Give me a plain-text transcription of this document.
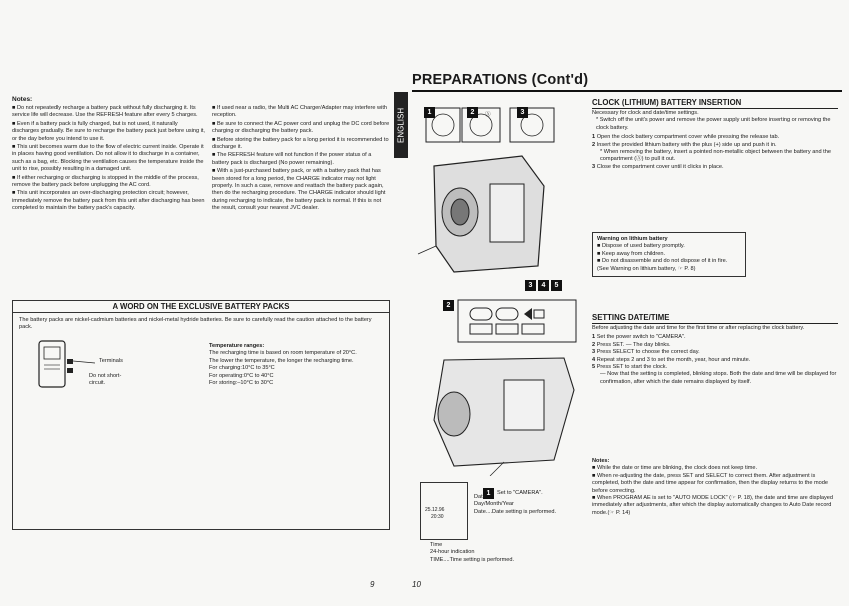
PREPARATIONS (Cont'd)
ENGLISH
Notes:

■ Do not repeatedly recharge a battery pack without fully discharging it. Its service life will decrease. Use the REFRESH feature after every 5 charges.

■ Even if a battery pack is fully charged, but is not used, it naturally discharges gradually. Be sure to recharge the battery pack just before using it, or the day before you intend to use it.

■ This unit becomes warm due to the flow of electric current inside. Operate it in places having good ventilation. Do not allow it to discharge in a container, such as a bag, etc. Blocking the ventilation causes the temperature inside the unit to rise, possibly resulting in a damaged unit.

■ If either recharging or discharging is stopped in the middle of the process, remove the battery pack before unplugging the AC cord.

■ This unit incorporates an over-discharging protection circuit; however, immediately remove the battery pack from this unit after discharging has been completed to maintain the battery pack's capacity.

■ If used near a radio, the Multi AC Charger/Adapter may interfere with reception.

■ Be sure to connect the AC power cord and unplug the DC cord before charging or discharging the battery pack.

■ Before storing the battery pack for a long period it is recommended to discharge it.

■ The REFRESH feature will not function if the power status of a battery pack is discharged (No power remaining).

■ With a just-purchased battery pack, or with a battery pack that has been stored for a long period, the CHARGE indicator may not light properly. In such a case, remove and reattach the battery pack again, then do the recharging procedure. The CHARGE indicator should light during recharging to indicate, the battery pack is normal. If this is not the result, consult your nearest JVC dealer.

A WORD ON THE EXCLUSIVE BATTERY PACKS
The battery packs are nickel-cadmium batteries and nickel-metal hydride batteries. Be sure to carefully read the caution attached to the battery pack.
Terminals
Do not short-circuit.
Temperature ranges:
The recharging time is based on room temperature of 20°C.
The lower the temperature, the longer the recharging time.
For charging:10°C to 35°C
For operating:0°C to 40°C
For storing:–10°C to 30°C
1	2	3
Ⓐ
3	4	5
2
1	Set to "CAMERA".
25.12.96
20:30
Date
Day/Month/Year
Date....Date setting is performed.
Time
24-hour indication
TIME....Time setting is performed.
CLOCK (LITHIUM) BATTERY INSERTION
Necessary for clock and date/time settings.
* Switch off the unit's power and remove the power supply unit before inserting or removing the clock battery.
1 Open the clock battery compartment cover while pressing the release tab.
2 Insert the provided lithium battery with the plus (+) side up and push it in.
* When removing the battery, insert a pointed non-metallic object between the battery and the compartment (Ⓐ) to pull it out.
3 Close the compartment cover until it clicks in place.
Warning on lithium battery
■ Dispose of used battery promptly.
■ Keep away from children.
■ Do not disassemble and do not dispose of it in fire.
(See Warning on lithium battery, ☞ P. 8)
SETTING DATE/TIME
Before adjusting the date and time for the first time or after replacing the clock battery.
1 Set the power switch to "CAMERA".
2 Press SET. — The day blinks.
3 Press SELECT to choose the correct day.
4 Repeat steps 2 and 3 to set the month, year, hour and minute.
5 Press SET to start the clock.
— Now that the setting is completed, blinking stops. Both the date and time will be displayed for confirmation, after which the date remains displayed by itself.
Notes:
■ While the date or time are blinking, the clock does not keep time.
■ When re-adjusting the date, press SET and SELECT to correct them. After adjustment is completed, both the date and time appear for confirmation, then the display returns to the mode before correcting.
■ When PROGRAM AE is set to "AUTO MODE LOCK" (☞ P. 18), the date and time are displayed immediately after adjustments, after which the display automatically changes to Auto Date record mode.(☞ P. 14)
9	10
